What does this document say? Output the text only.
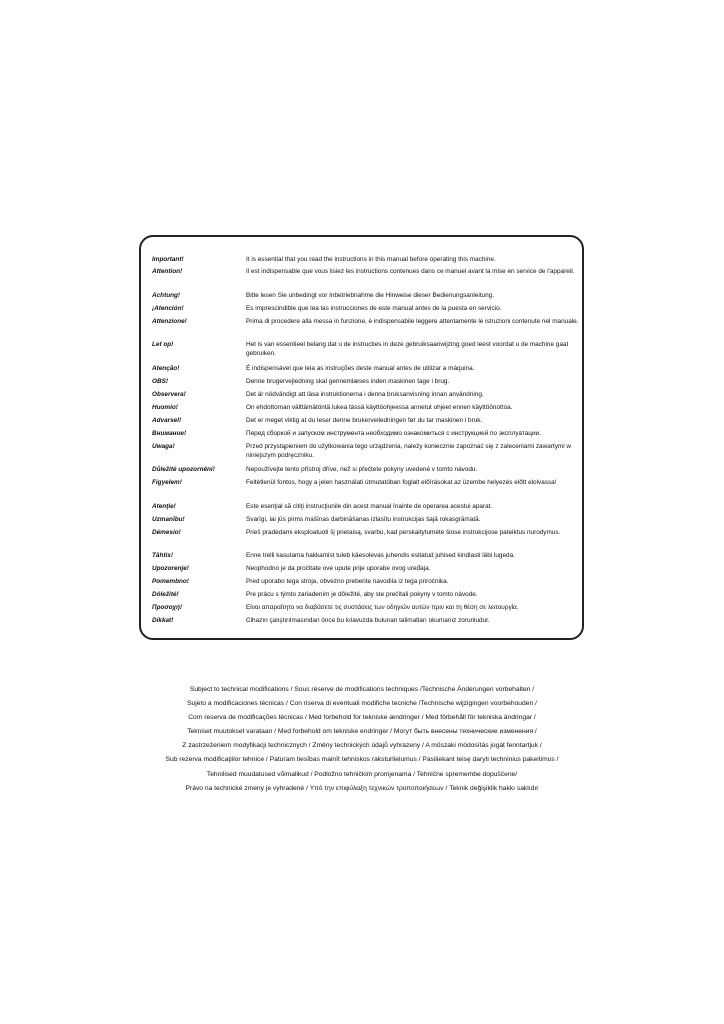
Important!	It is essential that you read the instructions in this manual before operating this machine.
Attention!	Il est indispensable que vous lisiez les instructions contenues dans ce manuel avant la mise en service de l'appareil.
Achtung!	Bitte lesen Sie unbedingt vor Inbetriebnahme die Hinweise dieser Bedienungsanleitung.
¡Atención!	Es imprescindible que lea las instrucciones de este manual antes de la puesta en servicio.
Attenzione!	Prima di procedere alla messa in funzione, è indispensabile leggere attentamente le istruzioni contenute nel manuale.
Let op!	Het is van essentieel belang dat u de instructies in deze gebruiksaanwijzing goed leest voordat u de machine gaat gebruiken.
Atenção!	É indispensável que leia as instruções deste manual antes de utilizar a máquina.
OBS!	Denne brugervejledning skal gennemlæses inden maskinen tage i brug.
Observera!	Det är nödvändigt att läsa instruktionerna i denna bruksanvisning innan användning.
Huomio!	On ehdottoman välttämätöntä lukea tässä käyttöohjeessa annetut ohjeet ennen käyttöönottoa.
Advarsel!	Det er meget viktig at du leser denne brukerveiledningen før du tar maskinen i bruk.
Внимание!	Перед сборкой и запуском инструмента необходимо ознакомиться с инструкцией по эксплуатации.
Uwaga!	Przed przystąpieniem do użytkowania tego urządzenia, należy koniecznie zapoznać się z zaleceniami zawartymi w niniejszym podręczniku.
Důležité upozornění!	Nepoužívejte tento přístroj dříve, než si přečtete pokyny uvedené v tomto návodu.
Figyelem!	Feltétlenül fontos, hogy a jelen használati útmutatóban foglalt előírásokat az üzembe helyezés előtt elolvassa!
Atenţie!	Este esenţial să citiţi instrucţiunile din acest manual înainte de operarea acestui aparat.
Uzmanību!	Svarīgi, lai jūs pirms mašīnas darbināšanas izlasītu instrukcijas šajā rokasgrāmatā.
Dėmesio!	Prieš pradėdami eksploatuoti šį prietaisą, svarbu, kad perskaitytumėte šiose instrukcijose pateiktus nurodymus.
Tähtis!	Enne trelli kasutama hakkamist tuleb käesolevas juhendis esitatud juhised kindlasti läbi lugeda.
Upozorenje!	Neophodno je da pročitate ove upute prije uporabe ovog uređaja.
Pomembno!	Pred uporabo tega stroja, obvezno preberite navodila iz tega priročnika.
Dôležité!	Pre prácu s týmto zariadením je dôležité, aby ste prečítali pokyny v tomto návode.
Προσοχή!	Είναι απαραίτητο να διαβάσετε τις συστάσεις των οδηγιών αυτών πριν και τη θέση σε λειτουργία.
Dikkat!	Cihazın çalıştırılmasından önce bu kılavuzda bulunan talimatları okumanız zorunludur.
Subject to technical modifications / Sous réserve de modifications techniques /Technische Änderungen vorbehalten /
Sujeto a modificaciones técnicas / Con riserva di eventuali modifiche tecniche /Technische wijzigingen voorbehouden /
Com reserva de modificações técnicas / Med forbehold for tekniske ændringer / Med förbehåll för tekniska ändringar /
Tekniset muutokset varataan / Med forbehold om tekniske endringer / Могут быть внесены технические изменения /
Z zastrzeżeniem modyfikacji technicznych / Změny technických údajů vyhrazeny / A műszaki módosítás jogát fenntartjuk /
Sub rezerva modificaţiilor tehnice / Paturam tiesības mainīt tehniskos raksturlielumus / Pasiliekant teisę daryti techninius pakeitimus /
Tehnilised muudatused võimalikud / Podložno tehničkim promjenama / Tehnične spremembe dopuščene/
Právo na technické zmeny je vyhradené / Υπό την επιφύλαξη τεχνικών τροποποιήσεων / Teknik değişiklik hakkı saklıdır
